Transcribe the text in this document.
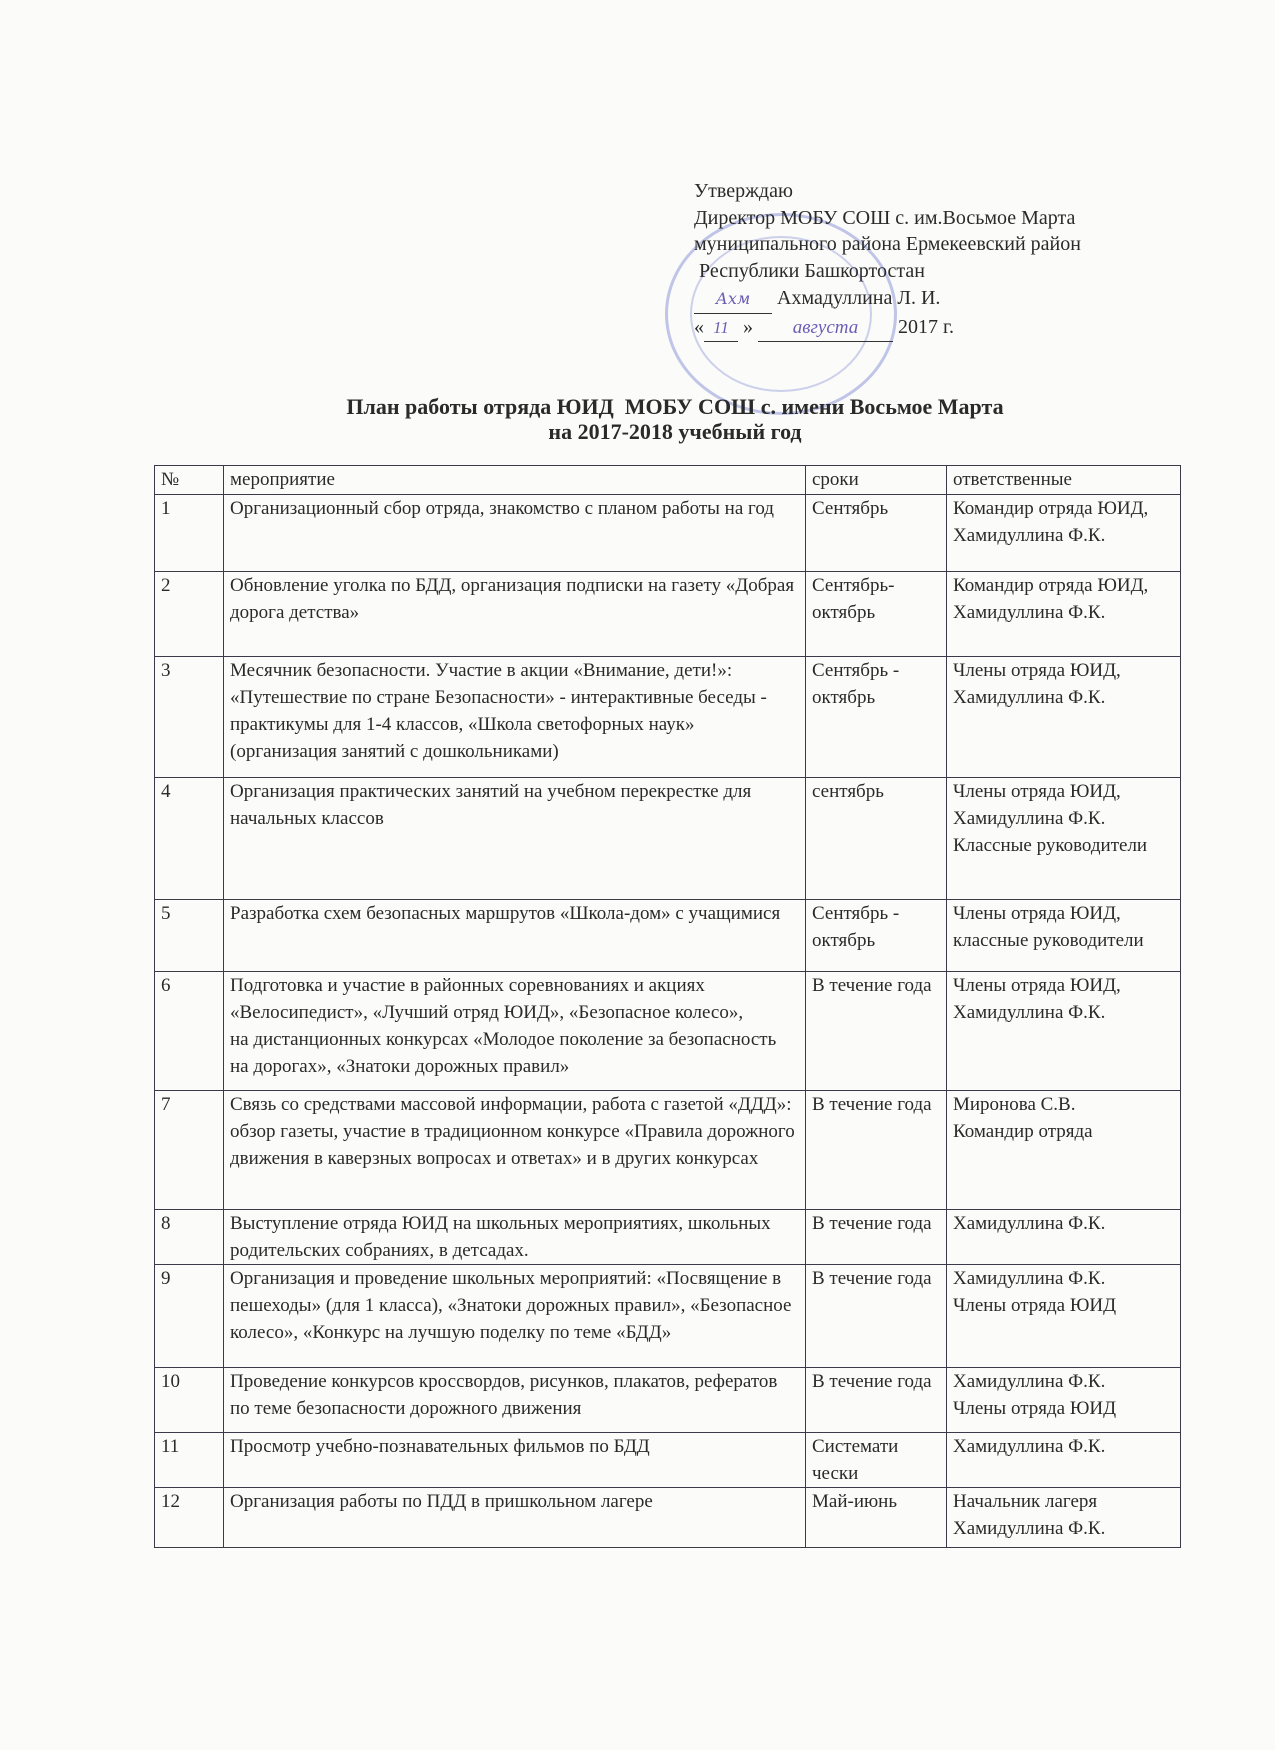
Утверждаю
Директор МОБУ СОШ с. им.Восьмое Марта
муниципального района Ермекеевский район
Республики Башкортостан
Ахм Ахмадуллина Л. И.
« 11 » августа 2017 г.
План работы отряда ЮИД  МОБУ СОШ с. имени Восьмое Марта
на 2017-2018 учебный год
№	мероприятие	сроки	ответственные
1	Организационный сбор отряда, знакомство с планом работы на год	Сентябрь	Командир отряда ЮИД,
Хамидуллина Ф.К.
2	Обновление уголка по БДД, организация подписки на газету «Добрая дорога детства»	Сентябрь-октябрь	Командир отряда ЮИД,
Хамидуллина Ф.К.
3	Месячник безопасности. Участие в акции «Внимание, дети!»: «Путешествие по стране Безопасности» - интерактивные беседы - практикумы для 1-4 классов, «Школа светофорных наук» (организация занятий с дошкольниками)	Сентябрь - октябрь	Члены отряда ЮИД,
Хамидуллина Ф.К.
4	Организация практических занятий на учебном перекрестке для начальных классов	сентябрь	Члены отряда ЮИД,
Хамидуллина Ф.К.
Классные руководители
5	Разработка схем безопасных маршрутов «Школа-дом» с учащимися	Сентябрь - октябрь	Члены отряда ЮИД,
классные руководители
6	Подготовка и участие в районных соревнованиях и акциях «Велосипедист», «Лучший отряд ЮИД», «Безопасное колесо»,
на дистанционных конкурсах «Молодое поколение за безопасность на дорогах», «Знатоки дорожных правил»	В течение года	Члены отряда ЮИД,
Хамидуллина Ф.К.
7	Связь со средствами массовой информации, работа с газетой «ДДД»: обзор газеты, участие в традиционном конкурсе «Правила дорожного движения в каверзных вопросах и ответах» и в других конкурсах	В течение года	Миронова С.В.
Командир отряда
8	Выступление отряда ЮИД на школьных мероприятиях, школьных родительских собраниях, в детсадах.	В течение года	Хамидуллина Ф.К.
9	Организация и проведение школьных мероприятий: «Посвящение в пешеходы» (для 1 класса), «Знатоки дорожных правил», «Безопасное колесо», «Конкурс на лучшую поделку по теме «БДД»	В течение года	Хамидуллина Ф.К.
Члены отряда ЮИД
10	Проведение конкурсов кроссвордов, рисунков, плакатов, рефератов по теме безопасности дорожного движения	В течение года	Хамидуллина Ф.К.
Члены отряда ЮИД
11	Просмотр учебно-познавательных фильмов по БДД	Системати чески	Хамидуллина Ф.К.
12	Организация работы по ПДД в пришкольном лагере	Май-июнь	Начальник лагеря
Хамидуллина Ф.К.
